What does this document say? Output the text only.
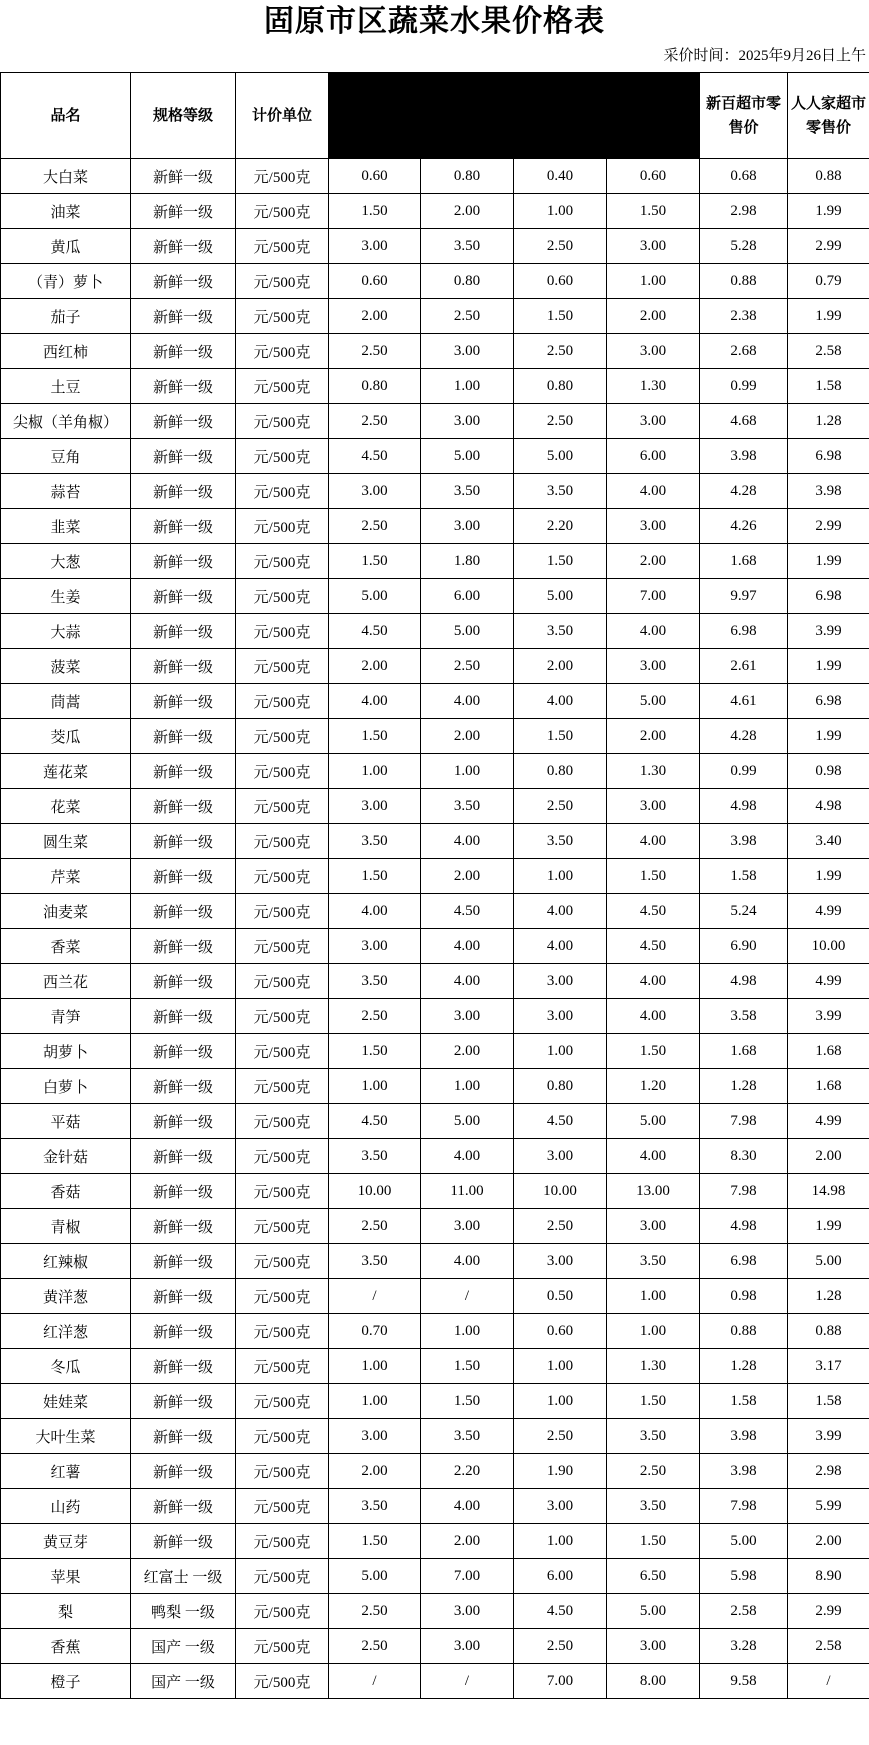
固原市区蔬菜水果价格表
采价时间：2025年9月26日上午
品名	规格等级	计价单位					新百超市零售价	人人家超市零售价
大白菜	新鲜一级	元/500克	0.60	0.80	0.40	0.60	0.68	0.88
油菜	新鲜一级	元/500克	1.50	2.00	1.00	1.50	2.98	1.99
黄瓜	新鲜一级	元/500克	3.00	3.50	2.50	3.00	5.28	2.99
（青）萝卜	新鲜一级	元/500克	0.60	0.80	0.60	1.00	0.88	0.79
茄子	新鲜一级	元/500克	2.00	2.50	1.50	2.00	2.38	1.99
西红柿	新鲜一级	元/500克	2.50	3.00	2.50	3.00	2.68	2.58
土豆	新鲜一级	元/500克	0.80	1.00	0.80	1.30	0.99	1.58
尖椒（羊角椒）	新鲜一级	元/500克	2.50	3.00	2.50	3.00	4.68	1.28
豆角	新鲜一级	元/500克	4.50	5.00	5.00	6.00	3.98	6.98
蒜苔	新鲜一级	元/500克	3.00	3.50	3.50	4.00	4.28	3.98
韭菜	新鲜一级	元/500克	2.50	3.00	2.20	3.00	4.26	2.99
大葱	新鲜一级	元/500克	1.50	1.80	1.50	2.00	1.68	1.99
生姜	新鲜一级	元/500克	5.00	6.00	5.00	7.00	9.97	6.98
大蒜	新鲜一级	元/500克	4.50	5.00	3.50	4.00	6.98	3.99
菠菜	新鲜一级	元/500克	2.00	2.50	2.00	3.00	2.61	1.99
茼蒿	新鲜一级	元/500克	4.00	4.00	4.00	5.00	4.61	6.98
茭瓜	新鲜一级	元/500克	1.50	2.00	1.50	2.00	4.28	1.99
莲花菜	新鲜一级	元/500克	1.00	1.00	0.80	1.30	0.99	0.98
花菜	新鲜一级	元/500克	3.00	3.50	2.50	3.00	4.98	4.98
圆生菜	新鲜一级	元/500克	3.50	4.00	3.50	4.00	3.98	3.40
芹菜	新鲜一级	元/500克	1.50	2.00	1.00	1.50	1.58	1.99
油麦菜	新鲜一级	元/500克	4.00	4.50	4.00	4.50	5.24	4.99
香菜	新鲜一级	元/500克	3.00	4.00	4.00	4.50	6.90	10.00
西兰花	新鲜一级	元/500克	3.50	4.00	3.00	4.00	4.98	4.99
青笋	新鲜一级	元/500克	2.50	3.00	3.00	4.00	3.58	3.99
胡萝卜	新鲜一级	元/500克	1.50	2.00	1.00	1.50	1.68	1.68
白萝卜	新鲜一级	元/500克	1.00	1.00	0.80	1.20	1.28	1.68
平菇	新鲜一级	元/500克	4.50	5.00	4.50	5.00	7.98	4.99
金针菇	新鲜一级	元/500克	3.50	4.00	3.00	4.00	8.30	2.00
香菇	新鲜一级	元/500克	10.00	11.00	10.00	13.00	7.98	14.98
青椒	新鲜一级	元/500克	2.50	3.00	2.50	3.00	4.98	1.99
红辣椒	新鲜一级	元/500克	3.50	4.00	3.00	3.50	6.98	5.00
黄洋葱	新鲜一级	元/500克	/	/	0.50	1.00	0.98	1.28
红洋葱	新鲜一级	元/500克	0.70	1.00	0.60	1.00	0.88	0.88
冬瓜	新鲜一级	元/500克	1.00	1.50	1.00	1.30	1.28	3.17
娃娃菜	新鲜一级	元/500克	1.00	1.50	1.00	1.50	1.58	1.58
大叶生菜	新鲜一级	元/500克	3.00	3.50	2.50	3.50	3.98	3.99
红薯	新鲜一级	元/500克	2.00	2.20	1.90	2.50	3.98	2.98
山药	新鲜一级	元/500克	3.50	4.00	3.00	3.50	7.98	5.99
黄豆芽	新鲜一级	元/500克	1.50	2.00	1.00	1.50	5.00	2.00
苹果	红富士 一级	元/500克	5.00	7.00	6.00	6.50	5.98	8.90
梨	鸭梨 一级	元/500克	2.50	3.00	4.50	5.00	2.58	2.99
香蕉	国产 一级	元/500克	2.50	3.00	2.50	3.00	3.28	2.58
橙子	国产 一级	元/500克	/	/	7.00	8.00	9.58	/
